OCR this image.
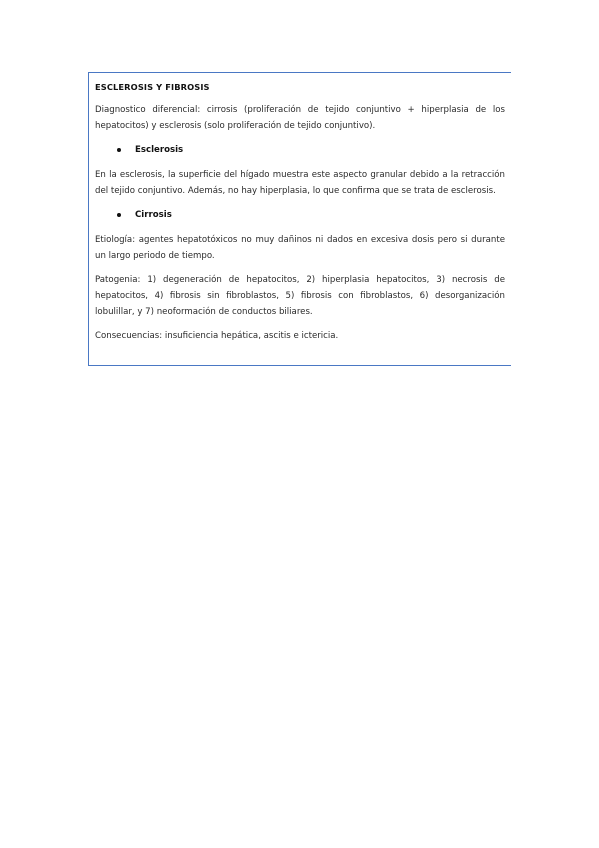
ESCLEROSIS Y FIBROSIS
Diagnostico diferencial: cirrosis (proliferación de tejido conjuntivo + hiperplasia de los hepatocitos) y esclerosis (solo proliferación de tejido conjuntivo).
Esclerosis
En la esclerosis, la superficie del hígado muestra este aspecto granular debido a la retracción del tejido conjuntivo. Además, no hay hiperplasia, lo que confirma que se trata de esclerosis.
Cirrosis
Etiología: agentes hepatotóxicos no muy dañinos ni dados en excesiva dosis pero si durante un largo periodo de tiempo.
Patogenia: 1) degeneración de hepatocitos, 2) hiperplasia hepatocitos, 3) necrosis de hepatocitos, 4) fibrosis sin fibroblastos, 5) fibrosis con fibroblastos, 6) desorganización lobulillar, y 7) neoformación de conductos biliares.
Consecuencias: insuficiencia hepática, ascitis e ictericia.
